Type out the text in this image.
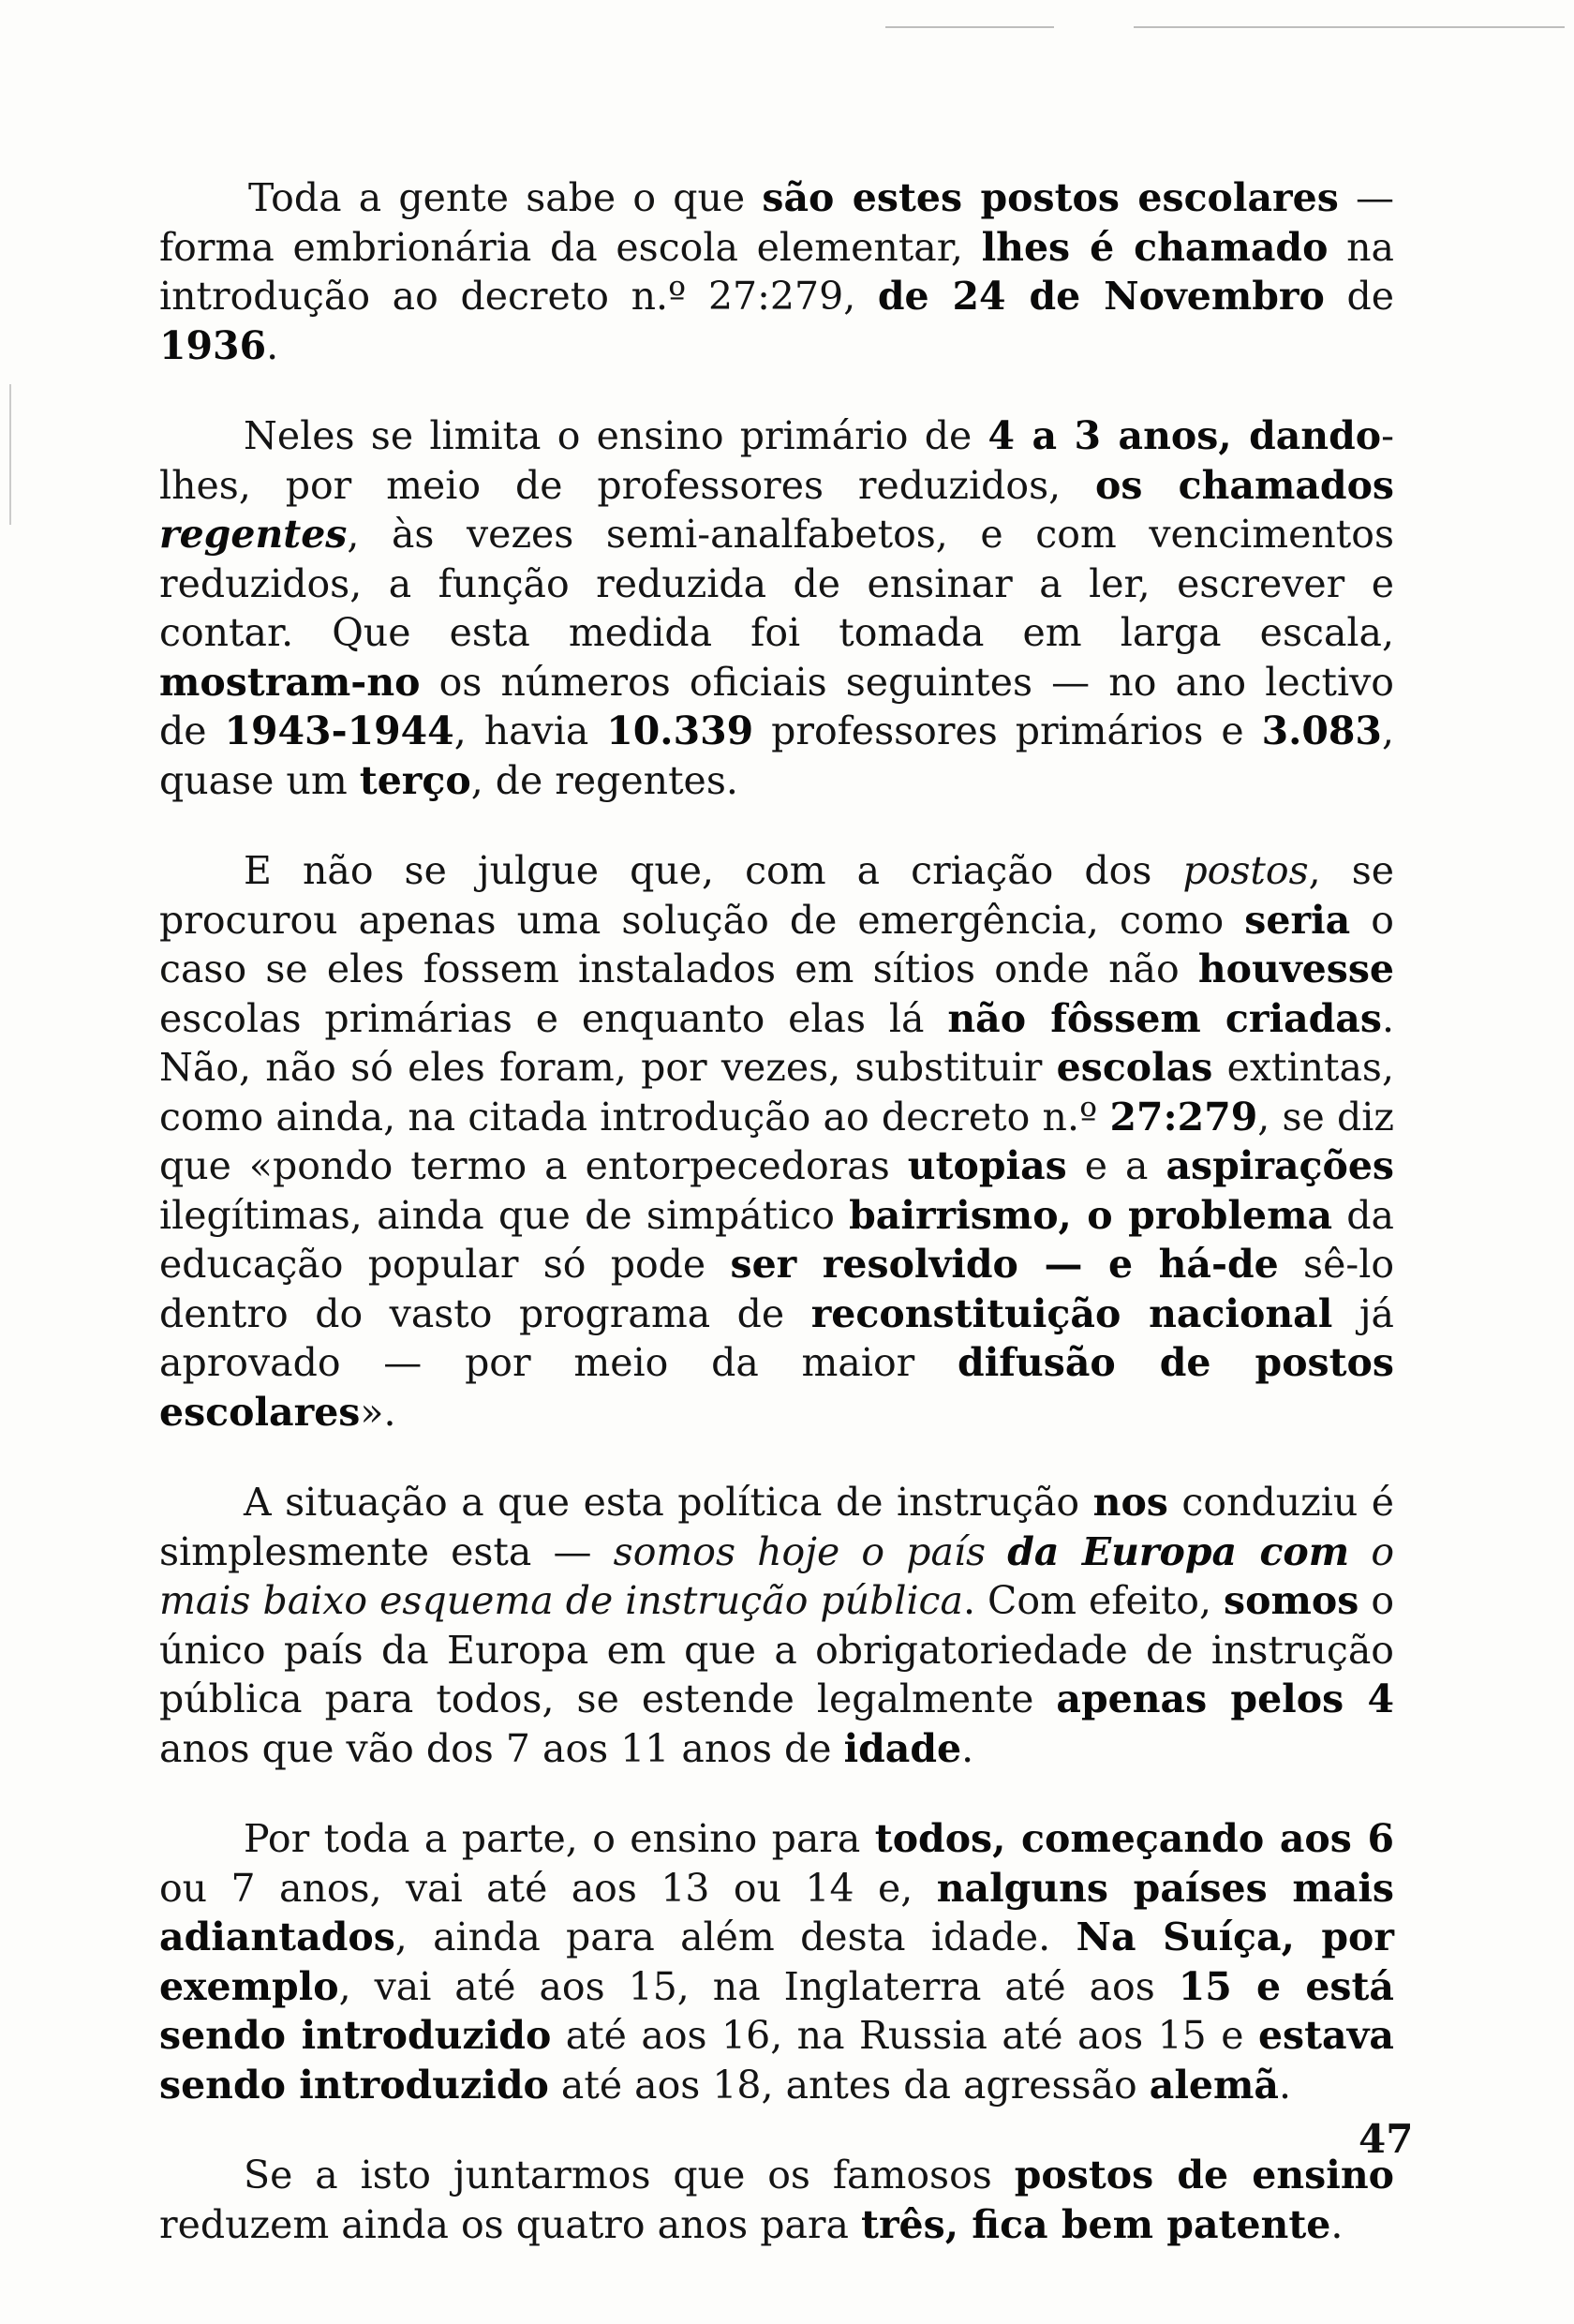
Toda a gente sabe o que são estes postos escolares — forma embrionária da escola elementar, lhes é chamado na introdução ao decreto n.º 27:279, de 24 de Novembro de 1936.

Neles se limita o ensino primário de 4 a 3 anos, dando-lhes, por meio de professores reduzidos, os chamados regentes, às vezes semi-analfabetos, e com vencimentos reduzidos, a função reduzida de ensinar a ler, escrever e contar. Que esta medida foi tomada em larga escala, mostram-no os números oficiais seguintes — no ano lectivo de 1943-1944, havia 10.339 professores primários e 3.083, quase um terço, de regentes.

E não se julgue que, com a criação dos postos, se procurou apenas uma solução de emergência, como seria o caso se eles fossem instalados em sítios onde não houvesse escolas primárias e enquanto elas lá não fôssem criadas. Não, não só eles foram, por vezes, substituir escolas extintas, como ainda, na citada introdução ao decreto n.º 27:279, se diz que «pondo termo a entorpecedoras utopias e a aspirações ilegítimas, ainda que de simpático bairrismo, o problema da educação popular só pode ser resolvido — e há-de sê-lo dentro do vasto programa de reconstituição nacional já aprovado — por meio da maior difusão de postos escolares».

A situação a que esta política de instrução nos conduziu é simplesmente esta — somos hoje o país da Europa com o mais baixo esquema de instrução pública. Com efeito, somos o único país da Europa em que a obrigatoriedade de instrução pública para todos, se estende legalmente apenas pelos 4 anos que vão dos 7 aos 11 anos de idade.

Por toda a parte, o ensino para todos, começando aos 6 ou 7 anos, vai até aos 13 ou 14 e, nalguns países mais adiantados, ainda para além desta idade. Na Suíça, por exemplo, vai até aos 15, na Inglaterra até aos 15 e está sendo introduzido até aos 16, na Russia até aos 15 e estava sendo introduzido até aos 18, antes da agressão alemã.

Se a isto juntarmos que os famosos postos de ensino reduzem ainda os quatro anos para três, fica bem patente.

47
